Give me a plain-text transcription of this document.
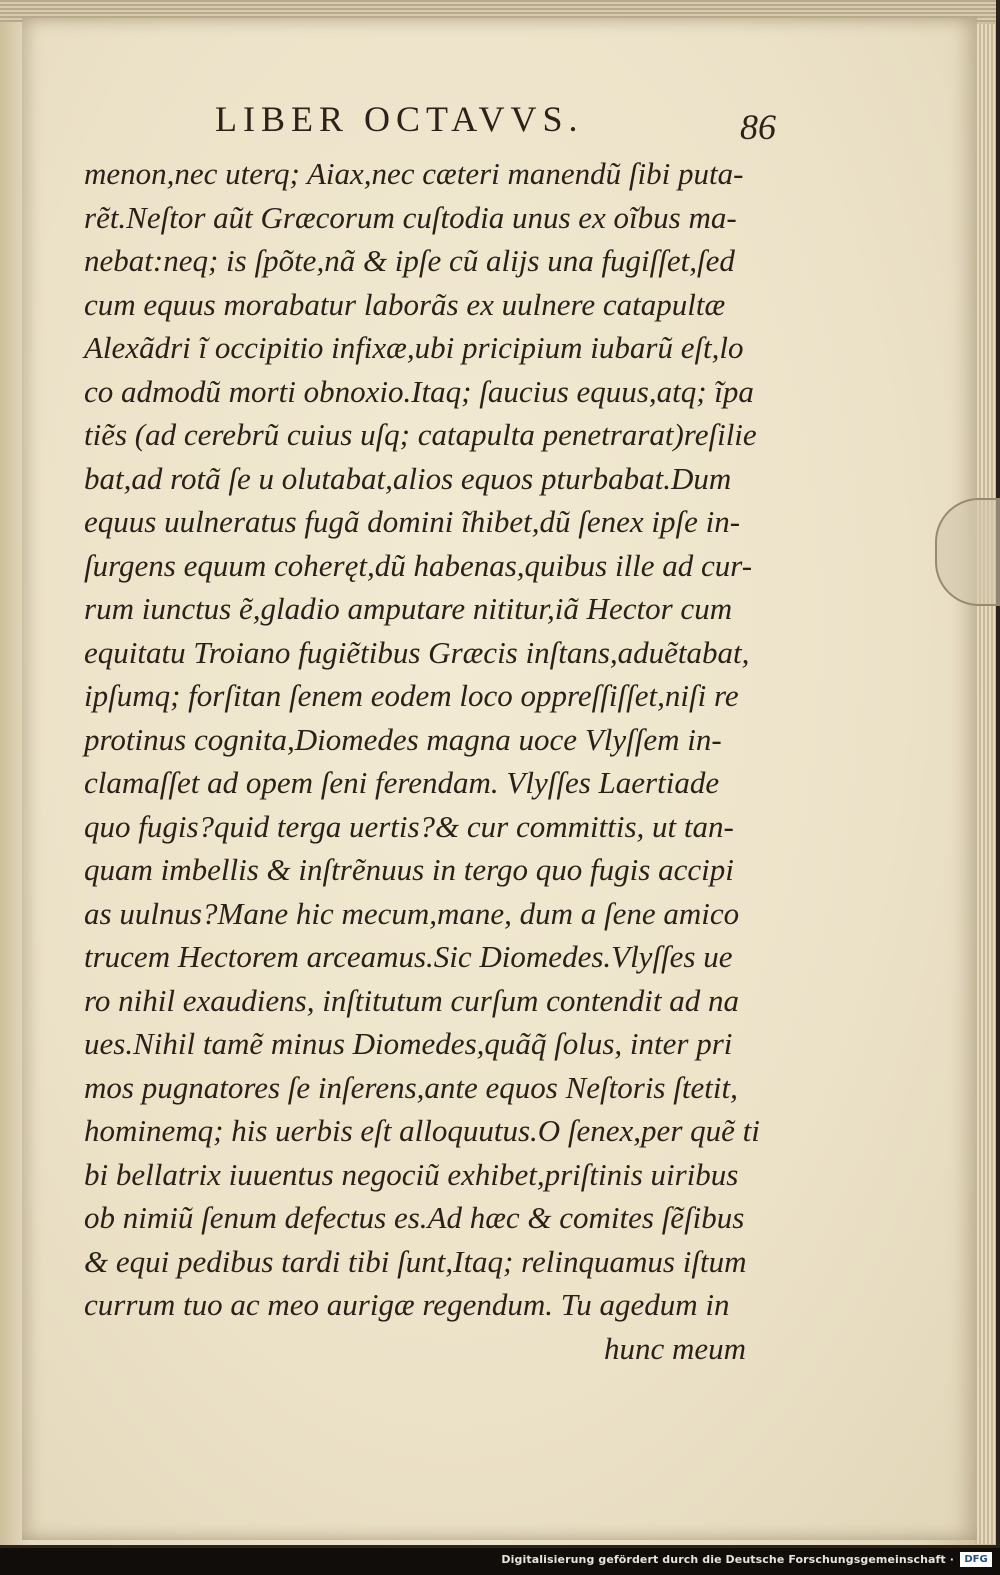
LIBER OCTAVVS.	86
menon,nec uterq; Aiax,nec cæteri manendũ ſibi puta-
rẽt.Neſtor aũt Græcorum cuſtodia unus ex oĩbus ma-
nebat:neq; is ſpõte,nã & ipſe cũ alijs una fugiſſet,ſed
cum equus morabatur laborãs ex uulnere catapultæ
Alexãdri ĩ occipitio infixæ,ubi pricipium iubarũ eſt,lo
co admodũ morti obnoxio.Itaq; ſaucius equus,atq; ĩpa
tiẽs (ad cerebrũ cuius uſq; catapulta penetrarat)reſilie
bat,ad rotã ſe u olutabat,alios equos pturbabat.Dum
equus uulneratus fugã domini ĩhibet,dũ ſenex ipſe in-
ſurgens equum coheręt,dũ habenas,quibus ille ad cur-
rum iunctus ẽ,gladio amputare nititur,iã Hector cum
equitatu Troiano fugiẽtibus Græcis inſtans,aduẽtabat,
ipſumq; forſitan ſenem eodem loco oppreſſiſſet,niſi re
protinus cognita,Diomedes magna uoce Vlyſſem in-
clamaſſet ad opem ſeni ferendam. Vlyſſes Laertiade
quo fugis?quid terga uertis?& cur committis, ut tan-
quam imbellis & inſtrẽnuus in tergo quo fugis accipi
as uulnus?Mane hic mecum,mane, dum a ſene amico
trucem Hectorem arceamus.Sic Diomedes.Vlyſſes ue
ro nihil exaudiens, inſtitutum curſum contendit ad na
ues.Nihil tamẽ minus Diomedes,quãq̃ ſolus, inter pri
mos pugnatores ſe inſerens,ante equos Neſtoris ſtetit,
hominemq; his uerbis eſt alloquutus.O ſenex,per quẽ ti
bi bellatrix iuuentus negociũ exhibet,priſtinis uiribus
ob nimiũ ſenum defectus es.Ad hæc & comites ſẽſibus
& equi pedibus tardi tibi ſunt,Itaq; relinquamus iſtum
currum tuo ac meo aurigæ regendum. Tu agedum in
hunc meum
Digitalisierung gefördert durch die Deutsche Forschungsgemeinschaft ·	DFG
